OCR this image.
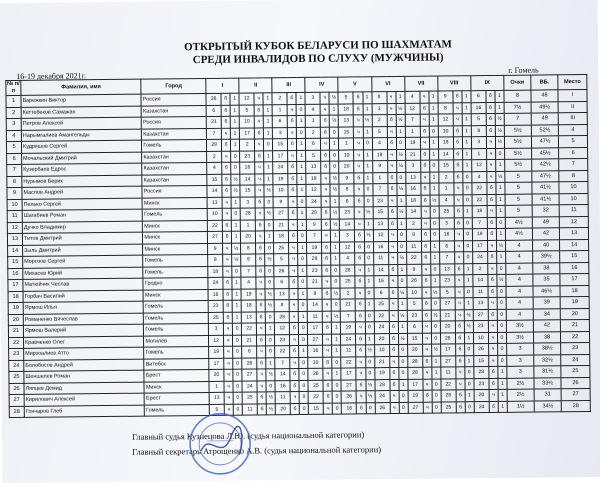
ОТКРЫТЫЙ КУБОК БЕЛАРУСИ ПО ШАХМАТАМ
СРЕДИ ИНВАЛИДОВ ПО СЛУХУ (МУЖЧИНЫ)
16-19 декабря 2021г.
г. Гомель
№ п/п	Фамилия, имя	Город	I			II			III			IV			V			VI			VII			VIII			IX			Очки	ВБ.	Место
1	Варежкин Виктор	Россия	26	б	1	12	ч	1	2	б	1	3	ч	½	5	б	1	8	ч	1	4	ч	1	9	б	1	6	б	1	8	48	I
2	Кеттебеков Самажан	Казахстан	6	б	1	5	б	1	1	ч	0	4	ч	1	18	б	1	3	ч	½	12	б	1	8	ч	1	16	б	1	7½	49½	II
3	Петров Алексей	Россия	21	б	1	10	ч	1	6	б	1	1	б	½	13	ч	½	2	б	½	7	ч	1	12	ч	1	5	б	½	7	49	III
4	Нарымгалиев Амангельды	Казахстан	7	ч	1	17	б	1	3	ч	0	2	б	0	15	ч	1	5	ч	1	1	б	0	10	б	1	8	б	½	5½	52½	4
5	Кудряшов Сергей	Гомель	28	б	1	2	ч	0	15	б	1	6	ч	1	1	ч	0	4	б	0	19	ч	1	18	б	1	3	ч	½	5½	47½	5
6	Мочальский Дмитрий	Казахстан	2	ч	0	23	б	1	17	ч	1	5	б	0	10	ч	1	18	ч	½	21	б	1	14	б	1	1	ч	0	5½	45½	6
7	Кузербаев Едрос	Казахстан	4	б	0	16	ч	1	24	б	1	13	б	0	20	ч	1	9	ч	½	3	б	0	15	б	1	12	ч	1	5½	42½	7
8	Нурымов Берик	Казахстан	15	б	½	14	ч	1	19	б	1	18	ч	½	9	б	1	1	б	0	13	ч	1	2	б	0	4	ч	½	5	47½	8
9	Маслов Андрей	Россия	14	б	½	15	ч	½	10	б	1	12	ч	½	8	ч	0	7	б	½	16	б	1	1	ч	0	22	б	1	5	41½	10
10	Пелько Сергей	Минск	13	ч	1	3	б	0	9	ч	0	24	ч	1	6	б	0	23	ч	1	18	б	½	4	ч	0	22	б	1	5	41½	10
11	Шагабиев Роман	Гомель	10	ч	0	28	ч	½	27	б	1	20	б	½	23	ч	½	15	б	½	14	ч	0	25	б	1	18	ч	1	5	32	11
12	Дучко Владимир	Минск	22	б	1	1	б	0	21	ч	1	9	б	½	14	ч	1	13	б	1	2	ч	0	3	б	0	7	б	0	4½	49	12
13	Титов Дмитрий	Минск	27	б	1	20	ч	1	18	б	0	7	ч	1	3	б	½	12	ч	0	8	б	0	16	ч	0	19	б	1	4½	42	13
14	Зыль Дмитрий	Минск	9	ч	½	8	б	0	25	ч	1	19	б	1	12	б	0	16	ч	0	11	б	1	6	ч	0	17	ч	½	4	40	14
15	Морозов Сергей	Гомель	8	ч	½	9	б	½	5	ч	0	28	б	1	4	б	0	11	ч	½	22	б	1	7	ч	0	24	б	1	4	39½	15
16	Михасев Юрий	Гомель	18	ч	0	7	б	0	26	ч	1	23	б	0	28	ч	1	14	б	1	9	ч	0	13	б	1	2	ч	0	4	38	16
17	Матюйчик Чеслав	Гродно	24	б	1	4	ч	0	6	б	0	21	ч	0	25	б	1	16	ч	0	26	б	1	23	ч	1	14	б	½	4	35	17
18	Горбач Василий	Минск	16	б	1	19	ч	½	13	ч	1	8	б	½	2	ч	0	6	б	½	10	ч	½	5	ч	0	11	б	0	4	46½	18
19	Ярмош Илья	Гомель	23	б	1	18	б	½	8	ч	0	14	ч	0	21	б	1	25	ч	1	5	б	0	27	ч	1	13	ч	0	4	39	19
20	Романенко Вячеслав	Гомель	25	б	1	13	б	0	28	ч	1	11	ч	½	7	б	0	22	ч	½	23	б	½	21	ч	½	27	б	0	4	34	20
21	Ярмош Валерий	Гомель	3	ч	0	22	ч	1	12	б	0	17	б	1	19	ч	0	24	б	1	6	ч	0	20	б	½	23	ч	0	3½	42	21
22	Кравченко Олег	Могилёв	12	ч	0	21	б	0	23	ч	0	27	ч	1	24	б	1	20	б	½	15	ч	0	26	б	1	10	ч	0	3½	38	22
23	Мирзоалиев Атто	Гомель	19	ч	0	6	ч	0	22	б	1	16	ч	1	11	б	½	10	б	0	20	ч	½	17	б	0	26	ч	0	3	38½	23
24	Болобосов Андрей	Витебск	17	ч	0	26	б	1	7	ч	0	10	б	0	22	ч	0	21	ч	0	28	б	1	27	б	1	15	ч	0	3	32½	24
25	Шеншелев Роман	Брест	20	ч	0	27	ч	½	14	б	0	26	ч	1	17	ч	0	19	б	0	28	ч	1	11	ч	0	28	б	1	3	31½	25
26	Ляпцев Демид	Минск	1	ч	0	24	ч	0	16	б	0	25	б	0	27	б	½	28	б	1	17	ч	0	22	ч	0	23	б	1	2½	33½	26
27	Кирилович Алексей	Брест	13	ч	0	25	б	½	11	ч	0	22	б	0	26	ч	½	24	ч	0	19	б	0	28	б	1	20	ч	1	2½	31	27
28	Гончаров Глеб	Гомель	5	ч	0	11	б	½	20	б	0	15	ч	0	16	б	0	26	ч	0	27	ч	0	25	б	0	24	б	1	1½	34½	28
Главный судья Кузнецова Л.Ю. (судья национальной категории)
Главный секретарь Атрощенко А.В. (судья национальной категории)
